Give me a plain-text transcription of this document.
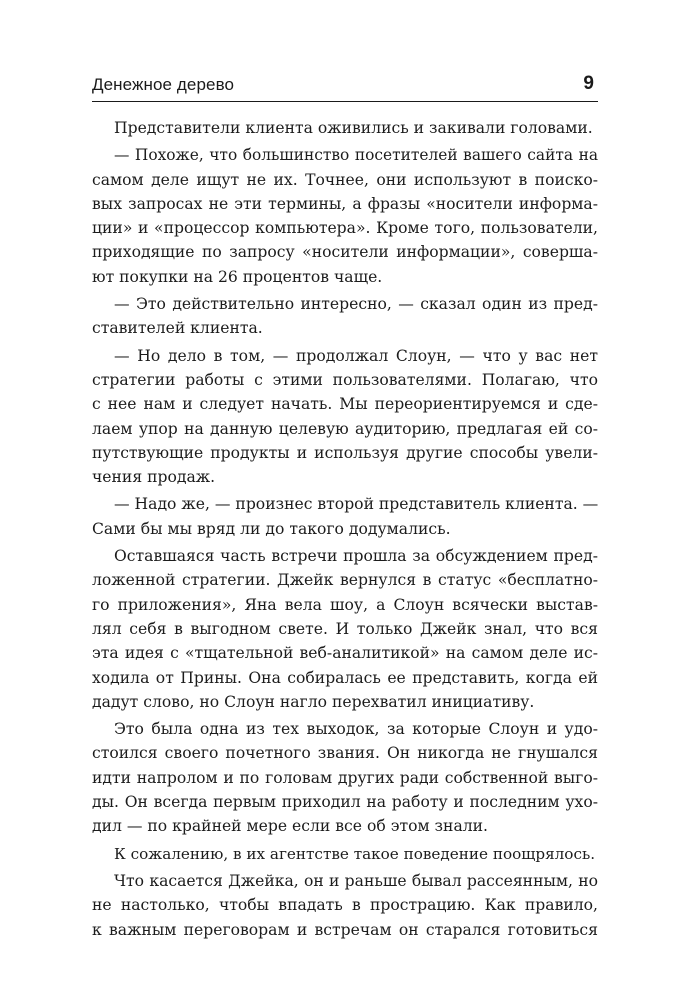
Денежное дерево	9
Представители клиента оживились и закивали головами.
— Похоже, что большинство посетителей вашего сайта на
самом деле ищут не их. Точнее, они используют в поиско-
вых запросах не эти термины, а фразы «носители информа-
ции» и «процессор компьютера». Кроме того, пользователи,
приходящие по запросу «носители информации», совершa-
ют покупки на 26 процентов чаще.
— Это действительно интересно, — сказал один из пред-
ставителей клиента.
— Но дело в том, — продолжал Слоун, — что у вас нет
стратегии работы с этими пользователями. Полагаю, что
с нее нам и следует начать. Мы переориентируемся и сде-
лаем упор на данную целевую аудиторию, предлагая ей со-
путствующие продукты и используя другие способы увели-
чения продаж.
— Надо же, — произнес второй представитель клиента. —
Сами бы мы вряд ли до такого додумались.
Оставшаяся часть встречи прошла за обсуждением пред-
ложенной стратегии. Джейк вернулся в статус «бесплатно-
го приложения», Яна вела шоу, а Слоун всячески выстав-
лял себя в выгодном свете. И только Джейк знал, что вся
эта идея с «тщательной веб-аналитикой» на самом деле ис-
ходила от Прины. Она собиралась ее представить, когда ей
дадут слово, но Слоун нагло перехватил инициативу.
Это была одна из тех выходок, за которые Слоун и удо-
стоился своего почетного звания. Он никогда не гнушался
идти напролом и по головам других ради собственной выго-
ды. Он всегда первым приходил на работу и последним ухо-
дил — по крайней мере если все об этом знали.
К сожалению, в их агентстве такое поведение поощрялось.
Что касается Джейка, он и раньше бывал рассеянным, но
не настолько, чтобы впадать в прострацию. Как правило,
к важным переговорам и встречам он старался готовиться
